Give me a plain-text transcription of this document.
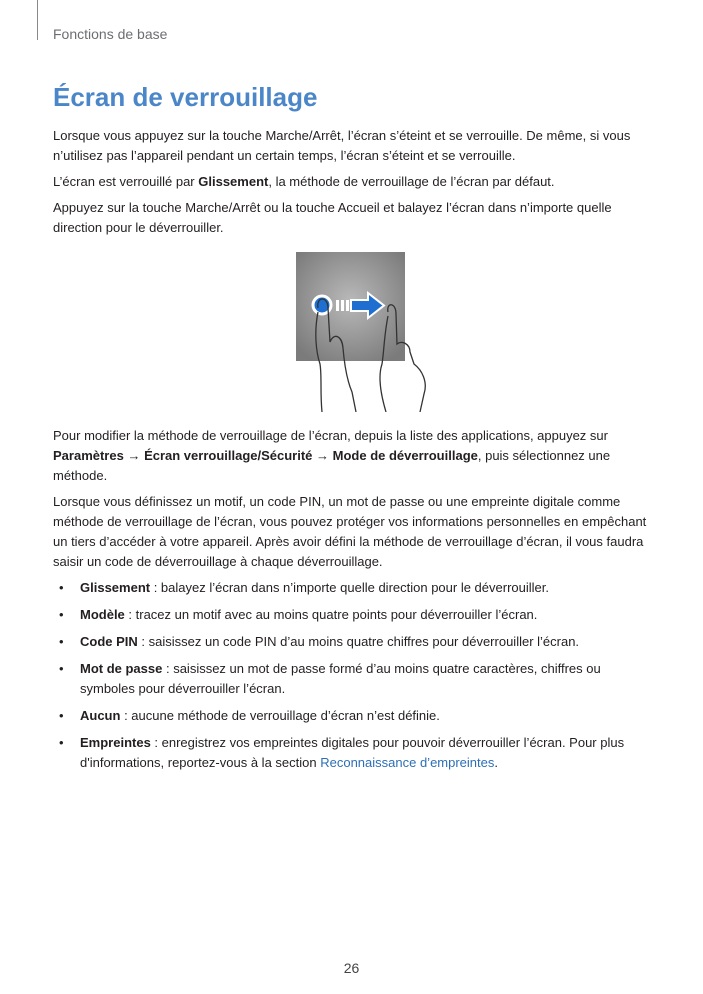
Fonctions de base
Écran de verrouillage

Lorsque vous appuyez sur la touche Marche/Arrêt, l’écran s’éteint et se verrouille. De même, si vous n’utilisez pas l’appareil pendant un certain temps, l’écran s’éteint et se verrouille.

L’écran est verrouillé par Glissement, la méthode de verrouillage de l’écran par défaut.

Appuyez sur la touche Marche/Arrêt ou la touche Accueil et balayez l’écran dans n’importe quelle direction pour le déverrouiller.

Pour modifier la méthode de verrouillage de l’écran, depuis la liste des applications, appuyez sur Paramètres → Écran verrouillage/Sécurité → Mode de déverrouillage, puis sélectionnez une méthode.

Lorsque vous définissez un motif, un code PIN, un mot de passe ou une empreinte digitale comme méthode de verrouillage de l’écran, vous pouvez protéger vos informations personnelles en empêchant un tiers d’accéder à votre appareil. Après avoir défini la méthode de verrouillage d’écran, il vous faudra saisir un code de déverrouillage à chaque déverrouillage.

• Glissement : balayez l’écran dans n’importe quelle direction pour le déverrouiller.
• Modèle : tracez un motif avec au moins quatre points pour déverrouiller l’écran.
• Code PIN : saisissez un code PIN d’au moins quatre chiffres pour déverrouiller l’écran.
• Mot de passe : saisissez un mot de passe formé d’au moins quatre caractères, chiffres ou symboles pour déverrouiller l’écran.
• Aucun : aucune méthode de verrouillage d’écran n’est définie.
• Empreintes : enregistrez vos empreintes digitales pour pouvoir déverrouiller l’écran. Pour plus d'informations, reportez-vous à la section Reconnaissance d’empreintes.
26
